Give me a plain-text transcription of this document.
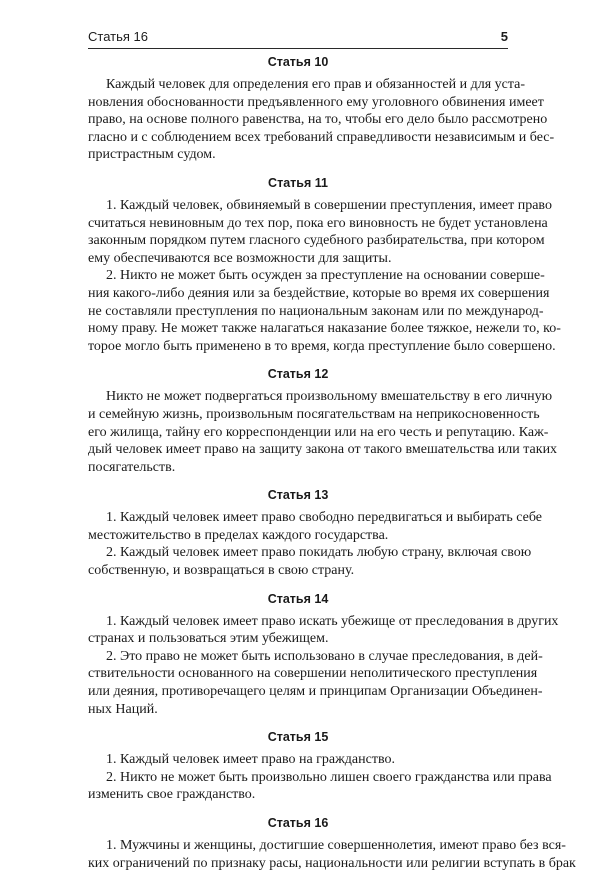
Статья 16	5
Статья 10

Каждый человек для определения его прав и обязанностей и для уста-
новления обоснованности предъявленного ему уголовного обвинения имеет
право, на основе полного равенства, на то, чтобы его дело было рассмотрено
гласно и с соблюдением всех требований справедливости независимым и бес-
пристрастным судом.

Статья 11

1. Каждый человек, обвиняемый в совершении преступления, имеет право
считаться невиновным до тех пор, пока его виновность не будет установлена
законным порядком путем гласного судебного разбирательства, при котором
ему обеспечиваются все возможности для защиты.

2. Никто не может быть осужден за преступление на основании соверше-
ния какого-либо деяния или за бездействие, которые во время их совершения
не составляли преступления по национальным законам или по международ-
ному праву. Не может также налагаться наказание более тяжкое, нежели то, ко-
торое могло быть применено в то время, когда преступление было совершено.

Статья 12

Никто не может подвергаться произвольному вмешательству в его личную
и семейную жизнь, произвольным посягательствам на неприкосновенность
его жилища, тайну его корреспонденции или на его честь и репутацию. Каж-
дый человек имеет право на защиту закона от такого вмешательства или таких
посягательств.

Статья 13

1. Каждый человек имеет право свободно передвигаться и выбирать себе
местожительство в пределах каждого государства.

2. Каждый человек имеет право покидать любую страну, включая свою
собственную, и возвращаться в свою страну.

Статья 14

1. Каждый человек имеет право искать убежище от преследования в других
странах и пользоваться этим убежищем.

2. Это право не может быть использовано в случае преследования, в дей-
ствительности основанного на совершении неполитического преступления
или деяния, противоречащего целям и принципам Организации Объединен-
ных Наций.

Статья 15

1. Каждый человек имеет право на гражданство.

2. Никто не может быть произвольно лишен своего гражданства или права
изменить свое гражданство.

Статья 16

1. Мужчины и женщины, достигшие совершеннолетия, имеют право без вся-
ких ограничений по признаку расы, национальности или религии вступать в брак
